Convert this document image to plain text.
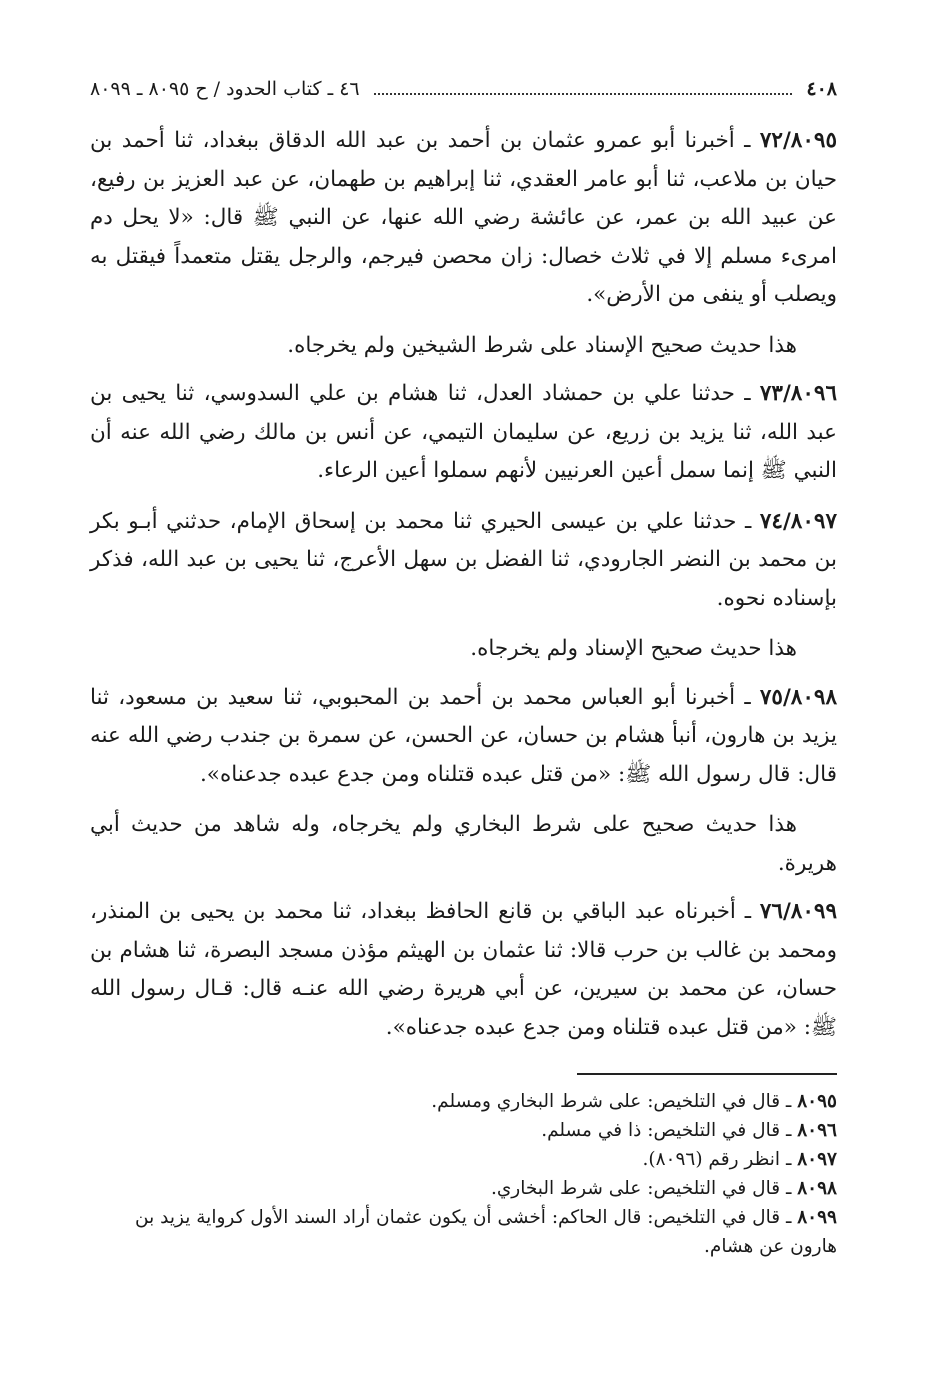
٤٠٨
٤٦ ـ كتاب الحدود / ح ٨٠٩٥ ـ ٨٠٩٩

٧٢/٨٠٩٥ ـ أخبرنا أبو عمرو عثمان بن أحمد بن عبد الله الدقاق ببغداد، ثنا أحمد بن حيان بن ملاعب، ثنا أبو عامر العقدي، ثنا إبراهيم بن طهمان، عن عبد العزيز بن رفيع، عن عبيد الله بن عمر، عن عائشة رضي الله عنها، عن النبي ﷺ قال: «لا يحل دم امرىء مسلم إلا في ثلاث خصال: زان محصن فيرجم، والرجل يقتل متعمداً فيقتل به ويصلب أو ينفى من الأرض».

هذا حديث صحيح الإسناد على شرط الشيخين ولم يخرجاه.

٧٣/٨٠٩٦ ـ حدثنا علي بن حمشاد العدل، ثنا هشام بن علي السدوسي، ثنا يحيى بن عبد الله، ثنا يزيد بن زريع، عن سليمان التيمي، عن أنس بن مالك رضي الله عنه أن النبي ﷺ إنما سمل أعين العرنيين لأنهم سملوا أعين الرعاء.

٧٤/٨٠٩٧ ـ حدثنا علي بن عيسى الحيري ثنا محمد بن إسحاق الإمام، حدثني أبـو بكر بن محمد بن النضر الجارودي، ثنا الفضل بن سهل الأعرج، ثنا يحيى بن عبد الله، فذكر بإسناده نحوه.

هذا حديث صحيح الإسناد ولم يخرجاه.

٧٥/٨٠٩٨ ـ أخبرنا أبو العباس محمد بن أحمد بن المحبوبي، ثنا سعيد بن مسعود، ثنا يزيد بن هارون، أنبأ هشام بن حسان، عن الحسن، عن سمرة بن جندب رضي الله عنه قال: قال رسول الله ﷺ: «من قتل عبده قتلناه ومن جدع عبده جدعناه».

هذا حديث صحيح على شرط البخاري ولم يخرجاه، وله شاهد من حديث أبي هريرة.

٧٦/٨٠٩٩ ـ أخبرناه عبد الباقي بن قانع الحافظ ببغداد، ثنا محمد بن يحيى بن المنذر، ومحمد بن غالب بن حرب قالا: ثنا عثمان بن الهيثم مؤذن مسجد البصرة، ثنا هشام بن حسان، عن محمد بن سيرين، عن أبي هريرة رضي الله عنـه قال: قـال رسول الله ﷺ: «من قتل عبده قتلناه ومن جدع عبده جدعناه».

٨٠٩٥ ـ قال في التلخيص: على شرط البخاري ومسلم.

٨٠٩٦ ـ قال في التلخيص: ذا في مسلم.

٨٠٩٧ ـ انظر رقم (٨٠٩٦).

٨٠٩٨ ـ قال في التلخيص: على شرط البخاري.

٨٠٩٩ ـ قال في التلخيص: قال الحاكم: أخشى أن يكون عثمان أراد السند الأول كرواية يزيد بن هارون عن هشام.
